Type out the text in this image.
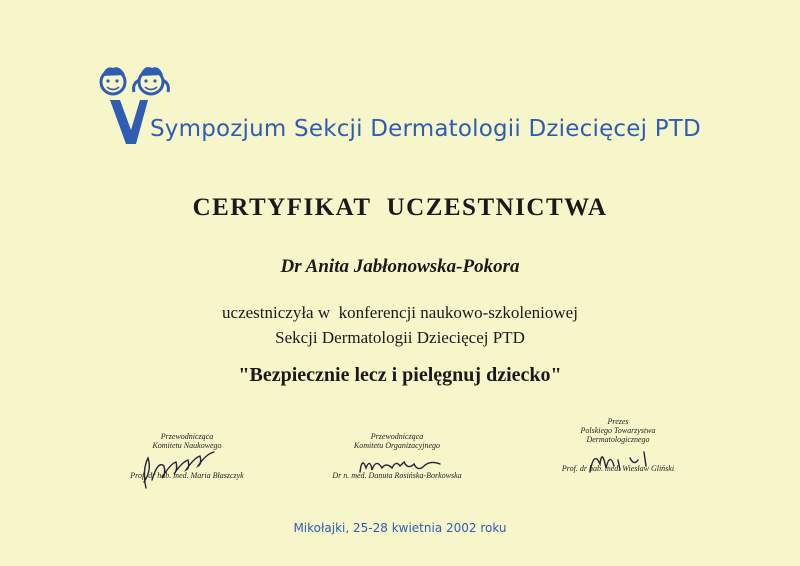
Sympozjum Sekcji Dermatologii Dziecięcej PTD
CERTYFIKAT  UCZESTNICTWA
Dr Anita Jabłonowska-Pokora
uczestniczyła w  konferencji naukowo-szkoleniowej
Sekcji Dermatologii Dziecięcej PTD
"Bezpiecznie lecz i pielęgnuj dziecko"
Przewodnicząca
Komitetu Naukowego
Prof. dr hab. med. Maria Błaszczyk
Przewodnicząca
Komitetu Organizacyjnego
Dr n. med. Danuta Rosińska-Borkowska
Prezes
Polskiego Towarzystwa
Dermatologicznego
Prof. dr hab. med. Wiesław Gliński
Mikołajki, 25-28 kwietnia 2002 roku
